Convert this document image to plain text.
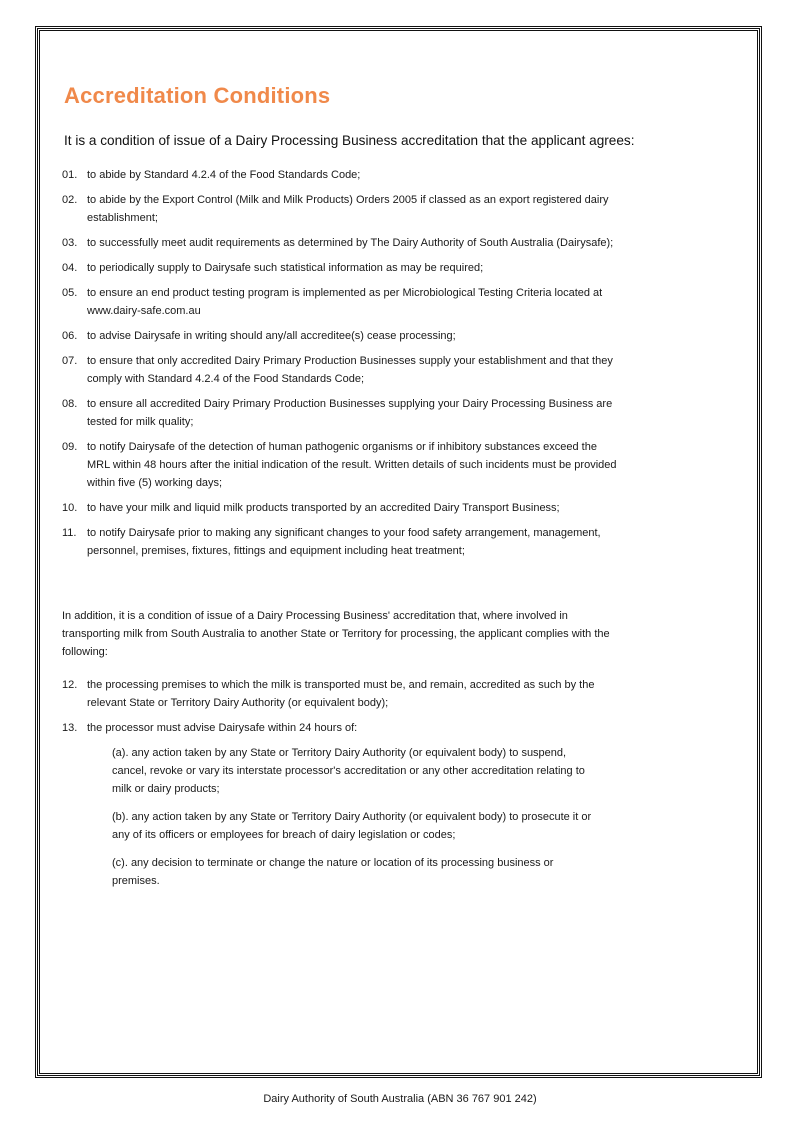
Accreditation Conditions

It is a condition of issue of a Dairy Processing Business accreditation that the applicant agrees:

01. to abide by Standard 4.2.4 of the Food Standards Code;
02. to abide by the Export Control (Milk and Milk Products) Orders 2005 if classed as an export registered dairy establishment;
03. to successfully meet audit requirements as determined by The Dairy Authority of South Australia (Dairysafe);
04. to periodically supply to Dairysafe such statistical information as may be required;
05. to ensure an end product testing program is implemented as per Microbiological Testing Criteria located at www.dairy-safe.com.au
06. to advise Dairysafe in writing should any/all accreditee(s) cease processing;
07. to ensure that only accredited Dairy Primary Production Businesses supply your establishment and that they comply with Standard 4.2.4 of the Food Standards Code;
08. to ensure all accredited Dairy Primary Production Businesses supplying your Dairy Processing Business are tested for milk quality;
09. to notify Dairysafe of the detection of human pathogenic organisms or if inhibitory substances exceed the MRL within 48 hours after the initial indication of the result. Written details of such incidents must be provided within five (5) working days;
10. to have your milk and liquid milk products transported by an accredited Dairy Transport Business;
11. to notify Dairysafe prior to making any significant changes to your food safety arrangement, management, personnel, premises, fixtures, fittings and equipment including heat treatment;

In addition, it is a condition of issue of a Dairy Processing Business' accreditation that, where involved in transporting milk from South Australia to another State or Territory for processing, the applicant complies with the following:

12. the processing premises to which the milk is transported must be, and remain, accredited as such by the relevant State or Territory Dairy Authority (or equivalent body);
13. the processor must advise Dairysafe within 24 hours of:
(a). any action taken by any State or Territory Dairy Authority (or equivalent body) to suspend, cancel, revoke or vary its interstate processor's accreditation or any other accreditation relating to milk or dairy products;
(b). any action taken by any State or Territory Dairy Authority (or equivalent body) to prosecute it or any of its officers or employees for breach of dairy legislation or codes;
(c). any decision to terminate or change the nature or location of its processing business or premises.

Dairy Authority of South Australia (ABN 36 767 901 242)
